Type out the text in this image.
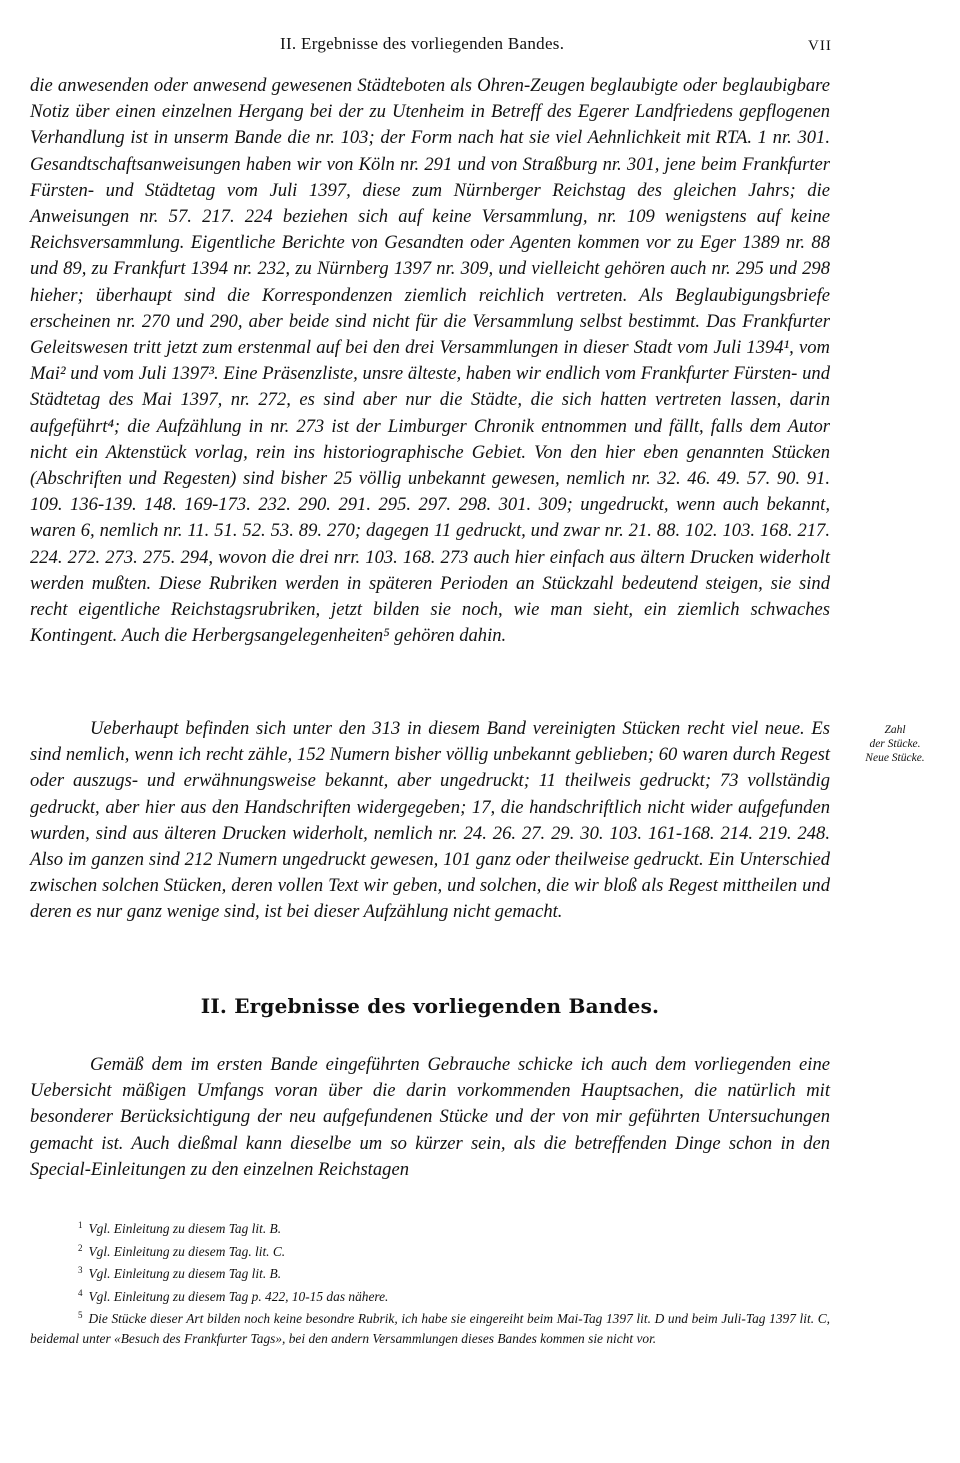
II. Ergebnisse des vorliegenden Bandes.	VII

die anwesenden oder anwesend gewesenen Städteboten als Ohren-Zeugen beglaubigte oder beglaubigbare Notiz über einen einzelnen Hergang bei der zu Utenheim in Betreff des Egerer Landfriedens gepflogenen Verhandlung ist in unserm Bande die nr. 103; der Form nach hat sie viel Aehnlichkeit mit RTA. 1 nr. 301. Gesandtschaftsanweisungen haben wir von Köln nr. 291 und von Straßburg nr. 301, jene beim Frankfurter Fürsten- und Städtetag vom Juli 1397, diese zum Nürnberger Reichstag des gleichen Jahrs; die Anweisungen nr. 57. 217. 224 beziehen sich auf keine Versammlung, nr. 109 wenigstens auf keine Reichsversammlung. Eigentliche Berichte von Gesandten oder Agenten kommen vor zu Eger 1389 nr. 88 und 89, zu Frankfurt 1394 nr. 232, zu Nürnberg 1397 nr. 309, und vielleicht gehören auch nr. 295 und 298 hieher; überhaupt sind die Korrespondenzen ziemlich reichlich vertreten. Als Beglaubigungsbriefe erscheinen nr. 270 und 290, aber beide sind nicht für die Versammlung selbst bestimmt. Das Frankfurter Geleitswesen tritt jetzt zum erstenmal auf bei den drei Versammlungen in dieser Stadt vom Juli 1394¹, vom Mai² und vom Juli 1397³. Eine Präsenzliste, unsre älteste, haben wir endlich vom Frankfurter Fürsten- und Städtetag des Mai 1397, nr. 272, es sind aber nur die Städte, die sich hatten vertreten lassen, darin aufgeführt⁴; die Aufzählung in nr. 273 ist der Limburger Chronik entnommen und fällt, falls dem Autor nicht ein Aktenstück vorlag, rein ins historiographische Gebiet. Von den hier eben genannten Stücken (Abschriften und Regesten) sind bisher 25 völlig unbekannt gewesen, nemlich nr. 32. 46. 49. 57. 90. 91. 109. 136-139. 148. 169-173. 232. 290. 291. 295. 297. 298. 301. 309; ungedruckt, wenn auch bekannt, waren 6, nemlich nr. 11. 51. 52. 53. 89. 270; dagegen 11 gedruckt, und zwar nr. 21. 88. 102. 103. 168. 217. 224. 272. 273. 275. 294, wovon die drei nrr. 103. 168. 273 auch hier einfach aus ältern Drucken widerholt werden mußten. Diese Rubriken werden in späteren Perioden an Stückzahl bedeutend steigen, sie sind recht eigentliche Reichstagsrubriken, jetzt bilden sie noch, wie man sieht, ein ziemlich schwaches Kontingent. Auch die Herbergsangelegenheiten⁵ gehören dahin.

Ueberhaupt befinden sich unter den 313 in diesem Band vereinigten Stücken recht viel neue. Es sind nemlich, wenn ich recht zähle, 152 Numern bisher völlig unbekannt geblieben; 60 waren durch Regest oder auszugs- und erwähnungsweise bekannt, aber ungedruckt; 11 theilweis gedruckt; 73 vollständig gedruckt, aber hier aus den Handschriften widergegeben; 17, die handschriftlich nicht wider aufgefunden wurden, sind aus älteren Drucken widerholt, nemlich nr. 24. 26. 27. 29. 30. 103. 161-168. 214. 219. 248. Also im ganzen sind 212 Numern ungedruckt gewesen, 101 ganz oder theilweise gedruckt. Ein Unterschied zwischen solchen Stücken, deren vollen Text wir geben, und solchen, die wir bloß als Regest mittheilen und deren es nur ganz wenige sind, ist bei dieser Aufzählung nicht gemacht.

Zahl
der Stücke.
Neue Stücke.
II. Ergebnisse des vorliegenden Bandes.

Gemäß dem im ersten Bande eingeführten Gebrauche schicke ich auch dem vorliegenden eine Uebersicht mäßigen Umfangs voran über die darin vorkommenden Hauptsachen, die natürlich mit besonderer Berücksichtigung der neu aufgefundenen Stücke und der von mir geführten Untersuchungen gemacht ist. Auch dießmal kann dieselbe um so kürzer sein, als die betreffenden Dinge schon in den Special-Einleitungen zu den einzelnen Reichstagen

$^1$ Vgl. Einleitung zu diesem Tag lit. B.
$^2$ Vgl. Einleitung zu diesem Tag. lit. C.
$^3$ Vgl. Einleitung zu diesem Tag lit. B.
$^4$ Vgl. Einleitung zu diesem Tag p. 422, 10-15 das nähere.
$^5$ Die Stücke dieser Art bilden noch keine besondre Rubrik, ich habe sie eingereiht beim Mai-Tag 1397 lit. D und beim Juli-Tag 1397 lit. C, beidemal unter «Besuch des Frankfurter Tags», bei den andern Versammlungen dieses Bandes kommen sie nicht vor.
